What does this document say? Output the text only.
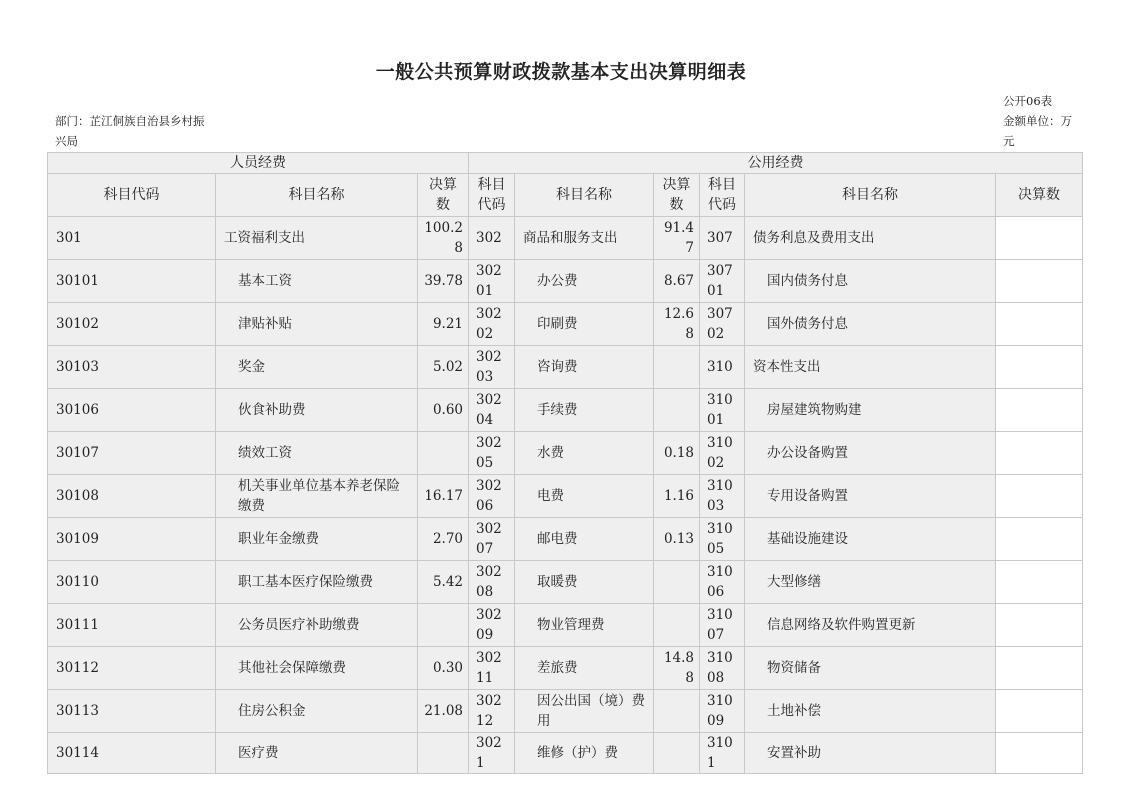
一般公共预算财政拨款基本支出决算明细表
部门：芷江侗族自治县乡村振兴局
公开06表
金额单位：万元
人员经费			公用经费					
科目代码	科目名称	决算数	科目代码	科目名称	决算数	科目代码	科目名称	决算数
301	工资福利支出	100.28	302	商品和服务支出	91.47	307	债务利息及费用支出	
30101	基本工资	39.78	30201	办公费	8.67	30701	国内债务付息	
30102	津贴补贴	9.21	30202	印刷费	12.68	30702	国外债务付息	
30103	奖金	5.02	30203	咨询费		310	资本性支出	
30106	伙食补助费	0.60	30204	手续费		31001	房屋建筑物购建	
30107	绩效工资		30205	水费	0.18	31002	办公设备购置	
30108	机关事业单位基本养老保险缴费	16.17	30206	电费	1.16	31003	专用设备购置	
30109	职业年金缴费	2.70	30207	邮电费	0.13	31005	基础设施建设	
30110	职工基本医疗保险缴费	5.42	30208	取暖费		31006	大型修缮	
30111	公务员医疗补助缴费		30209	物业管理费		31007	信息网络及软件购置更新	
30112	其他社会保障缴费	0.30	30211	差旅费	14.88	31008	物资储备	
30113	住房公积金	21.08	30212	因公出国（境）费用		31009	土地补偿	
30114	医疗费		3021	维修（护）费		3101	安置补助	
